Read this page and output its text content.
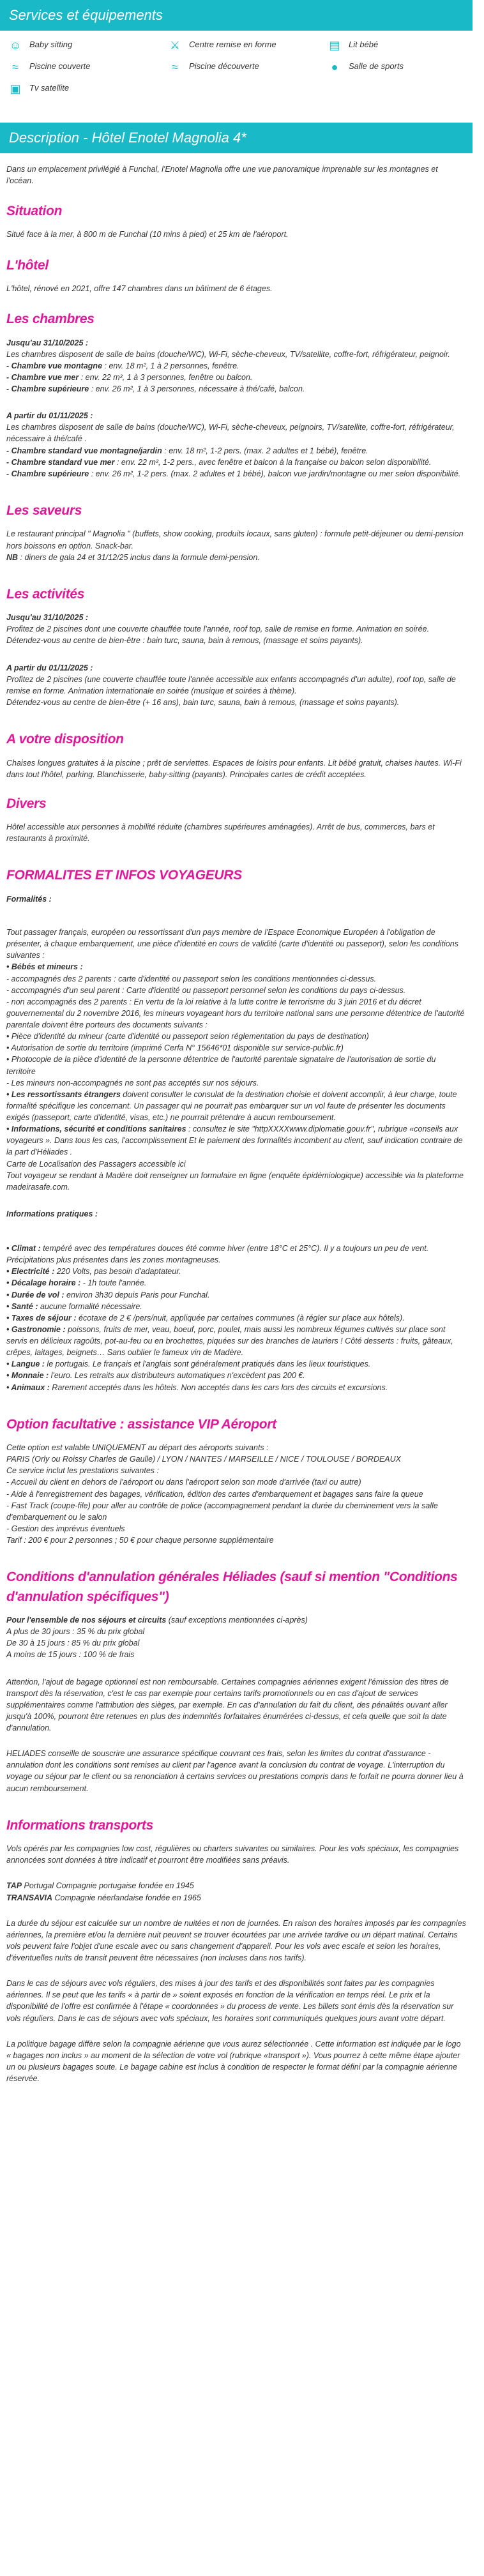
Services et équipements
☺ Baby sitting	⚔	Centre remise en forme	▤	Lit bébé
≈	Piscine couverte	≈	Piscine découverte	●	Salle de sports
▣	Tv satellite
Description - Hôtel Enotel Magnolia 4*

Dans un emplacement privilégié à Funchal, l'Enotel Magnolia offre une vue panoramique imprenable sur les montagnes et l'océan.

Situation

Situé face à la mer, à 800 m de Funchal (10 mins à pied) et 25 km de l'aéroport.

L'hôtel

L'hôtel, rénové en 2021, offre 147 chambres dans un bâtiment de 6 étages.

Les chambres
Jusqu'au 31/10/2025 :
Les chambres disposent de salle de bains (douche/WC), Wi-Fi, sèche-cheveux, TV/satellite, coffre-fort, réfrigérateur, peignoir.
- Chambre vue montagne : env. 18 m², 1 à 2 personnes, fenêtre.
- Chambre vue mer : env. 22 m², 1 à 3 personnes, fenêtre ou balcon.
- Chambre supérieure : env. 26 m², 1 à 3 personnes, nécessaire à thé/café, balcon.
A partir du 01/11/2025 :
Les chambres disposent de salle de bains (douche/WC), Wi-Fi, sèche-cheveux, peignoirs, TV/satellite, coffre-fort, réfrigérateur, nécessaire à thé/café .
- Chambre standard vue montagne/jardin : env. 18 m², 1-2 pers. (max. 2 adultes et 1 bébé), fenêtre.
- Chambre standard vue mer : env. 22 m², 1-2 pers., avec fenêtre et balcon à la française ou balcon selon disponibilité.
- Chambre supérieure : env. 26 m², 1-2 pers. (max. 2 adultes et 1 bébé), balcon vue jardin/montagne ou mer selon disponibilité.
Les saveurs
Le restaurant principal " Magnolia " (buffets, show cooking, produits locaux, sans gluten) : formule petit-déjeuner ou demi-pension hors boissons en option. Snack-bar.
NB : diners de gala 24 et 31/12/25 inclus dans la formule demi-pension.
Les activités
Jusqu'au 31/10/2025 :
Profitez de 2 piscines dont une couverte chauffée toute l'année, roof top, salle de remise en forme. Animation en soirée.
Détendez-vous au centre de bien-être : bain turc, sauna, bain à remous, (massage et soins payants).
A partir du 01/11/2025 :
Profitez de 2 piscines (une couverte chauffée toute l'année accessible aux enfants accompagnés d'un adulte), roof top, salle de remise en forme. Animation internationale en soirée (musique et soirées à thème).
Détendez-vous au centre de bien-être (+ 16 ans), bain turc, sauna, bain à remous, (massage et soins payants).
A votre disposition

Chaises longues gratuites à la piscine ; prêt de serviettes. Espaces de loisirs pour enfants. Lit bébé gratuit, chaises hautes. Wi-Fi dans tout l'hôtel, parking. Blanchisserie, baby-sitting (payants). Principales cartes de crédit acceptées.

Divers

Hôtel accessible aux personnes à mobilité réduite (chambres supérieures aménagées). Arrêt de bus, commerces, bars et restaurants à proximité.

FORMALITES ET INFOS VOYAGEURS

Formalités :

Tout passager français, européen ou ressortissant d'un pays membre de l'Espace Economique Européen à l'obligation de présenter, à chaque embarquement, une pièce d'identité en cours de validité (carte d'identité ou passeport), selon les conditions suivantes :
• Bébés et mineurs :
- accompagnés des 2 parents : carte d'identité ou passeport selon les conditions mentionnées ci-dessus.
- accompagnés d'un seul parent : Carte d'identité ou passeport personnel selon les conditions du pays ci-dessus.
- non accompagnés des 2 parents : En vertu de la loi relative à la lutte contre le terrorisme du 3 juin 2016 et du décret gouvernemental du 2 novembre 2016, les mineurs voyageant hors du territoire national sans une personne détentrice de l'autorité parentale doivent être porteurs des documents suivants :
• Pièce d'identité du mineur (carte d'identité ou passeport selon réglementation du pays de destination)
• Autorisation de sortie du territoire (imprimé Cerfa N° 15646*01 disponible sur service-public.fr)
• Photocopie de la pièce d'identité de la personne détentrice de l'autorité parentale signataire de l'autorisation de sortie du territoire
- Les mineurs non-accompagnés ne sont pas acceptés sur nos séjours.
• Les ressortissants étrangers doivent consulter le consulat de la destination choisie et doivent accomplir, à leur charge, toute formalité spécifique les concernant. Un passager qui ne pourrait pas embarquer sur un vol faute de présenter les documents exigés (passeport, carte d'identité, visas, etc.) ne pourrait prétendre à aucun remboursement.
• Informations, sécurité et conditions sanitaires : consultez le site "httpXXXXwww.diplomatie.gouv.fr", rubrique «conseils aux voyageurs ». Dans tous les cas, l'accomplissement Et le paiement des formalités incombent au client, sauf indication contraire de la part d'Héliades .
Carte de Localisation des Passagers accessible ici
Tout voyageur se rendant à Madère doit renseigner un formulaire en ligne (enquête épidémiologique) accessible via la plateforme madeirasafe.com.

Informations pratiques :

• Climat : tempéré avec des températures douces été comme hiver (entre 18°C et 25°C). Il y a toujours un peu de vent. Précipitations plus présentes dans les zones montagneuses.
• Electricité : 220 Volts, pas besoin d'adaptateur.
• Décalage horaire : - 1h toute l'année.
• Durée de vol : environ 3h30 depuis Paris pour Funchal.
• Santé : aucune formalité nécessaire.
• Taxes de séjour : écotaxe de 2 € /pers/nuit, appliquée par certaines communes (à régler sur place aux hôtels).
• Gastronomie : poissons, fruits de mer, veau, boeuf, porc, poulet, mais aussi les nombreux légumes cultivés sur place sont servis en délicieux ragoûts, pot-au-feu ou en brochettes, piquées sur des branches de lauriers ! Côté desserts : fruits, gâteaux, crêpes, laitages, beignets… Sans oublier le fameux vin de Madère.
• Langue : le portugais. Le français et l'anglais sont généralement pratiqués dans les lieux touristiques.
• Monnaie : l'euro. Les retraits aux distributeurs automatiques n'excèdent pas 200 €.
• Animaux : Rarement acceptés dans les hôtels. Non acceptés dans les cars lors des circuits et excursions.
Option facultative : assistance VIP Aéroport
Cette option est valable UNIQUEMENT au départ des aéroports suivants :
PARIS (Orly ou Roissy Charles de Gaulle) / LYON / NANTES / MARSEILLE / NICE / TOULOUSE / BORDEAUX
Ce service inclut les prestations suivantes :
- Accueil du client en dehors de l'aéroport ou dans l'aéroport selon son mode d'arrivée (taxi ou autre)
- Aide à l'enregistrement des bagages, vérification, édition des cartes d'embarquement et bagages sans faire la queue
- Fast Track (coupe-file) pour aller au contrôle de police (accompagnement pendant la durée du cheminement vers la salle d'embarquement ou le salon
- Gestion des imprévus éventuels
Tarif : 200 € pour 2 personnes ; 50 € pour chaque personne supplémentaire
Conditions d'annulation générales Héliades (sauf si mention "Conditions d'annulation spécifiques")
Pour l'ensemble de nos séjours et circuits (sauf exceptions mentionnées ci-après)
A plus de 30 jours : 35 % du prix global
De 30 à 15 jours : 85 % du prix global
A moins de 15 jours : 100 % de frais
Attention, l'ajout de bagage optionnel est non remboursable. Certaines compagnies aériennes exigent l'émission des titres de transport dès la réservation, c'est le cas par exemple pour certains tarifs promotionnels ou en cas d'ajout de services supplémentaires comme l'attribution des sièges, par exemple. En cas d'annulation du fait du client, des pénalités ouvant aller jusqu'à 100%, pourront être retenues en plus des indemnités forfaitaires énumérées ci-dessus, et cela quelle que soit la date d'annulation.
HELIADES conseille de souscrire une assurance spécifique couvrant ces frais, selon les limites du contrat d'assurance - annulation dont les conditions sont remises au client par l'agence avant la conclusion du contrat de voyage. L'interruption du voyage ou séjour par le client ou sa renonciation à certains services ou prestations compris dans le forfait ne pourra donner lieu à aucun remboursement.
Informations transports
Vols opérés par les compagnies low cost, régulières ou charters suivantes ou similaires. Pour les vols spéciaux, les compagnies annoncées sont données à titre indicatif et pourront être modifiées sans préavis.
TAP Portugal Compagnie portugaise fondée en 1945
TRANSAVIA Compagnie néerlandaise fondée en 1965
La durée du séjour est calculée sur un nombre de nuitées et non de journées. En raison des horaires imposés par les compagnies aériennes, la première et/ou la dernière nuit peuvent se trouver écourtées par une arrivée tardive ou un départ matinal. Certains vols peuvent faire l'objet d'une escale avec ou sans changement d'appareil. Pour les vols avec escale et selon les horaires, d'éventuelles nuits de transit peuvent être nécessaires (non incluses dans nos tarifs).
Dans le cas de séjours avec vols réguliers, des mises à jour des tarifs et des disponibilités sont faites par les compagnies aériennes. Il se peut que les tarifs « à partir de » soient exposés en fonction de la vérification en temps réel. Le prix et la disponibilité de l'offre est confirmée à l'étape « coordonnées » du process de vente. Les billets sont émis dès la réservation sur vols réguliers. Dans le cas de séjours avec vols spéciaux, les horaires sont communiqués quelques jours avant votre départ.
La politique bagage diffère selon la compagnie aérienne que vous aurez sélectionnée . Cette information est indiquée par le logo « bagages non inclus » au moment de la sélection de votre vol (rubrique «transport »). Vous pourrez à cette même étape ajouter un ou plusieurs bagages soute. Le bagage cabine est inclus à condition de respecter le format défini par la compagnie aérienne réservée.
